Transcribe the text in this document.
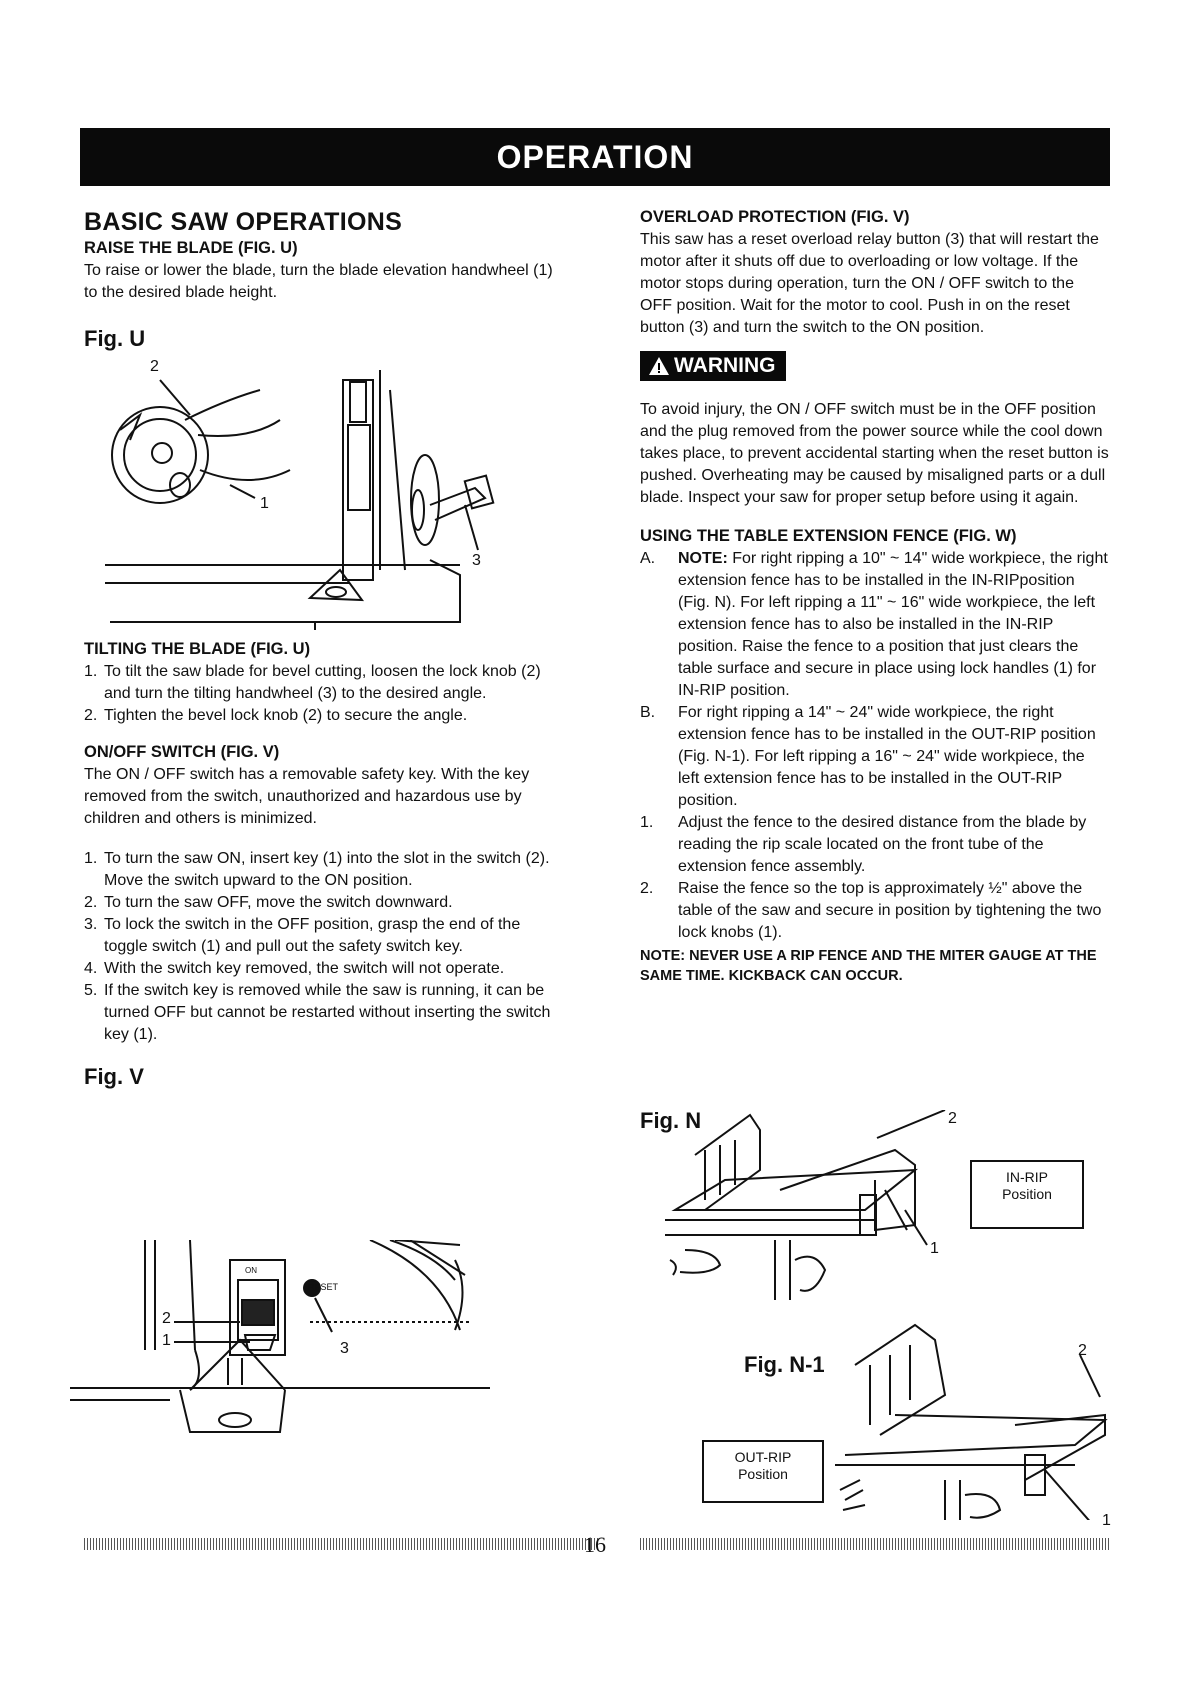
OPERATION
BASIC SAW OPERATIONS
RAISE THE BLADE (FIG. U)

To raise or lower the blade, turn the blade elevation handwheel (1) to the desired blade height.

Fig. U
2
1
3
TILTING THE BLADE (FIG. U)
1. To tilt the saw blade for bevel cutting, loosen the lock knob (2) and turn the tilting handwheel (3) to the desired angle.
2. Tighten the bevel lock knob (2) to secure the angle.
ON/OFF SWITCH (FIG. V)

The ON / OFF switch has a removable safety key. With the key removed from the switch, unauthorized and hazardous use by children and others is minimized.

1. To turn the saw ON, insert key (1) into the slot in the switch (2). Move the switch upward to the ON position.
2. To turn the saw OFF, move the switch downward.
3. To lock the switch in the OFF position, grasp the end of the toggle switch (1) and pull out the safety switch key.
4. With the switch key removed, the switch will not operate.
5. If the switch key is removed while the saw is running, it can be turned OFF but cannot be restarted without inserting the switch key (1).
Fig. V
RESET
ON
2
1	3
OVERLOAD PROTECTION (FIG. V)

This saw has a reset overload relay button (3) that will restart the motor after it shuts off due to overloading or low voltage. If the motor stops during operation, turn the ON / OFF switch to the OFF position. Wait for the motor to cool. Push in on the reset button (3) and turn the switch to the ON position.

WARNING

To avoid injury, the ON / OFF switch must be in the OFF position and the plug removed from the power source while the cool down takes place, to prevent accidental starting when the reset button is pushed. Overheating may be caused by misaligned parts or a dull blade. Inspect your saw for proper setup before using it again.

USING THE TABLE EXTENSION FENCE (FIG. W)
A. NOTE: For right ripping a 10" ~ 14" wide workpiece, the right extension fence has to be installed in the IN-RIPposition (Fig. N). For left ripping a 11" ~ 16" wide workpiece, the left extension fence has to also be installed in the IN-RIP position. Raise the fence to a position that just clears the table surface and secure in place using lock handles (1) for IN-RIP position.
B. For right ripping a 14" ~ 24" wide workpiece, the right extension fence has to be installed in the OUT-RIP position (Fig. N-1). For left ripping a 16" ~ 24" wide workpiece, the left extension fence has to be installed in the OUT-RIP position.
1. Adjust the fence to the desired distance from the blade by reading the rip scale located on the front tube of the extension fence assembly.
2. Raise the fence so the top is approximately ½" above the table of the saw and secure in position by tightening the two lock knobs (1).

NOTE: NEVER USE A RIP FENCE AND THE MITER GAUGE AT THE SAME TIME. KICKBACK CAN OCCUR.

Fig. N	2
1
IN-RIP
Position
Fig. N-1
2
1
OUT-RIP
Position
16
